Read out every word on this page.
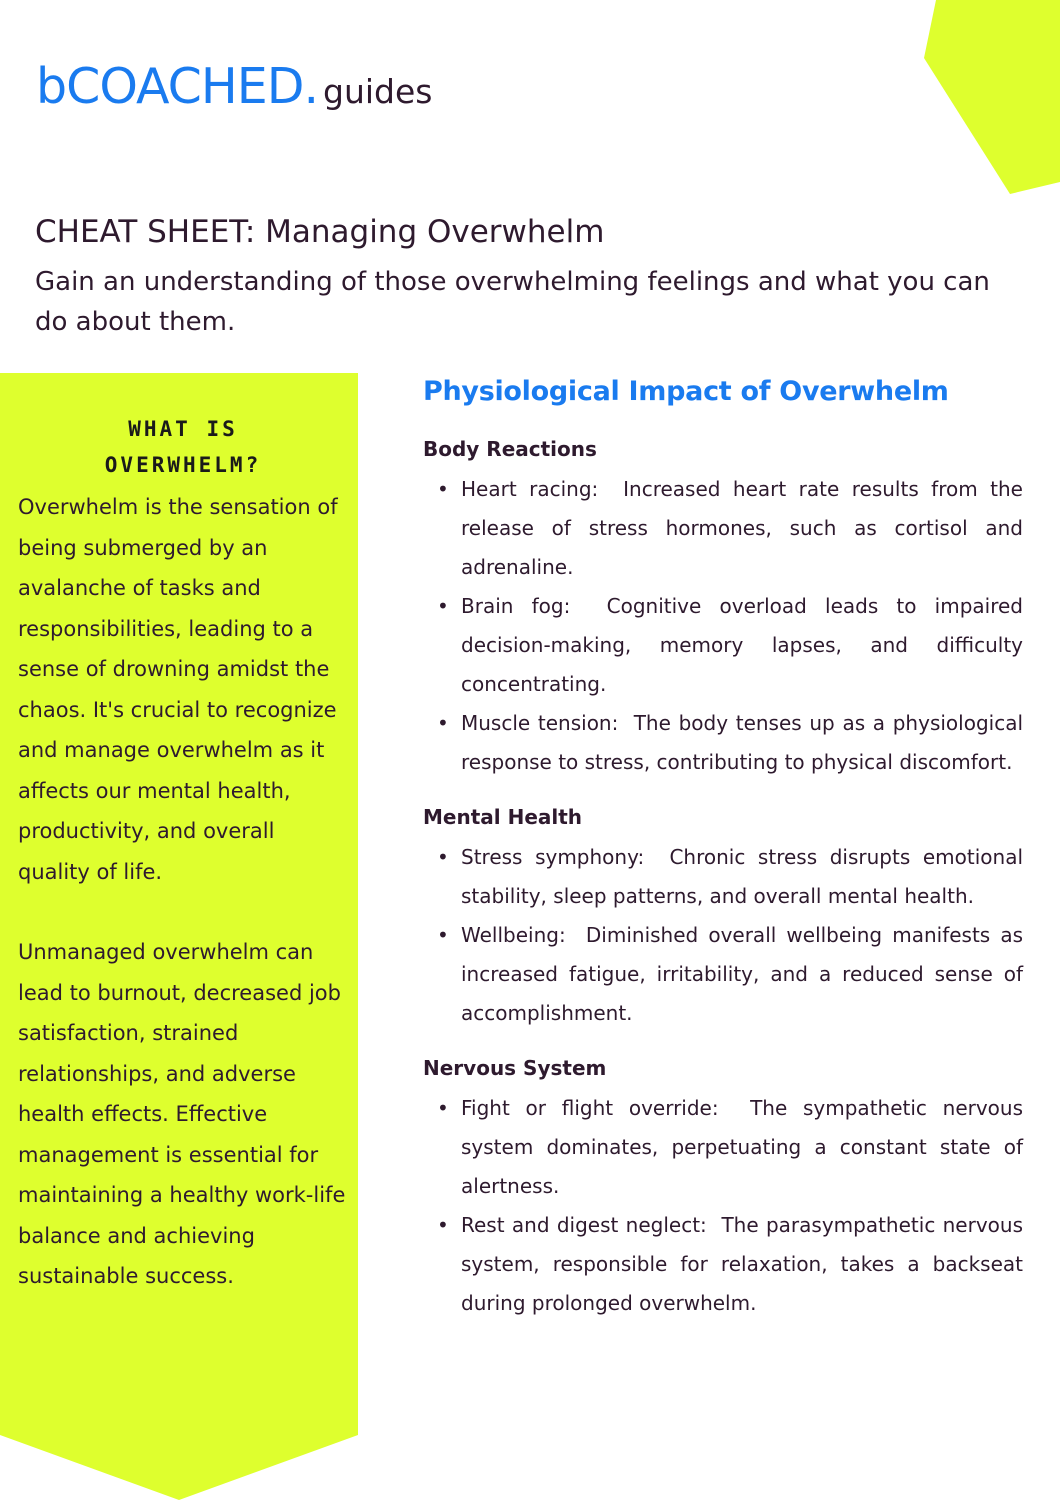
bCOACHED. guides
CHEAT SHEET: Managing Overwhelm

Gain an understanding of those overwhelming feelings and what you can do about them.

WHAT IS
OVERWHELM?

Overwhelm is the sensation of being submerged by an avalanche of tasks and responsibilities, leading to a sense of drowning amidst the chaos. It's crucial to recognize and manage overwhelm as it affects our mental health, productivity, and overall quality of life.

Unmanaged overwhelm can lead to burnout, decreased job satisfaction, strained relationships, and adverse health effects. Effective management is essential for maintaining a healthy work-life balance and achieving sustainable success.

Physiological Impact of Overwhelm
Body Reactions
• Heart racing: Increased heart rate results from the release of stress hormones, such as cortisol and adrenaline.
• Brain fog: Cognitive overload leads to impaired decision-making, memory lapses, and difficulty concentrating.
• Muscle tension: The body tenses up as a physiological response to stress, contributing to physical discomfort.
Mental Health
• Stress symphony: Chronic stress disrupts emotional stability, sleep patterns, and overall mental health.
• Wellbeing: Diminished overall wellbeing manifests as increased fatigue, irritability, and a reduced sense of accomplishment.
Nervous System
• Fight or flight override: The sympathetic nervous system dominates, perpetuating a constant state of alertness.
• Rest and digest neglect: The parasympathetic nervous system, responsible for relaxation, takes a backseat during prolonged overwhelm.
